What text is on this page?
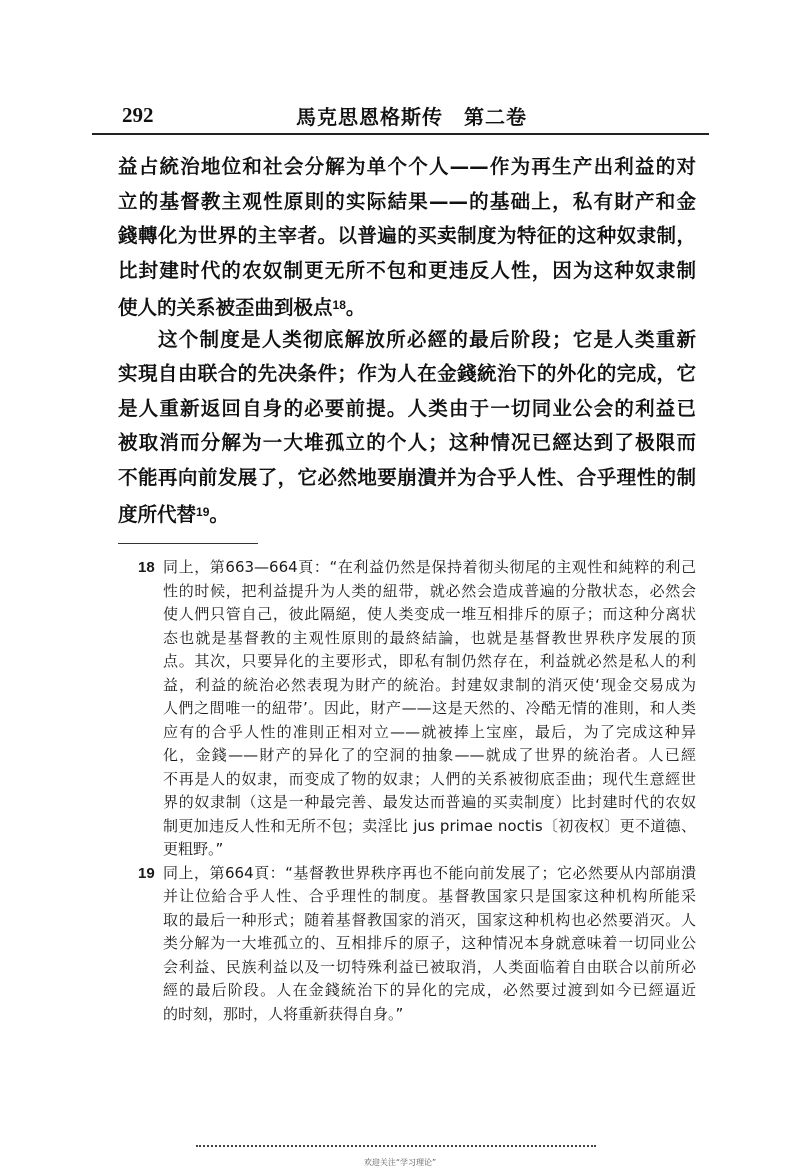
292	馬克思恩格斯传　第二卷
益占統治地位和社会分解为单个个人——作为再生产出利益的对
立的基督教主观性原則的实际結果——的基础上，私有財产和金
錢轉化为世界的主宰者。以普遍的买卖制度为特征的这种奴隶制，
比封建时代的农奴制更无所不包和更违反人性，因为这种奴隶制
使人的关系被歪曲到极点$^{18}$。
这个制度是人类彻底解放所必經的最后阶段；它是人类重新
实現自由联合的先决条件；作为人在金錢統治下的外化的完成，它
是人重新返回自身的必要前提。人类由于一切同业公会的利益已
被取消而分解为一大堆孤立的个人；这种情况已經达到了极限而
不能再向前发展了，它必然地要崩潰并为合乎人性、合乎理性的制
度所代替$^{19}$。
18 同上，第663—664頁：“在利益仍然是保持着彻头彻尾的主观性和純粹的利己
性的时候，把利益提升为人类的紐带，就必然会造成普遍的分散状态，必然会
使人們只管自己，彼此隔絕，使人类变成一堆互相排斥的原子；而这种分离状
态也就是基督教的主观性原則的最終結論，也就是基督教世界秩序发展的顶
点。其次，只要异化的主要形式，即私有制仍然存在，利益就必然是私人的利
益，利益的統治必然表現为財产的統治。封建奴隶制的消灭使‘现金交易成为
人們之間唯一的紐带’。因此，財产——这是天然的、冷酷无情的准則，和人类
应有的合乎人性的准則正相对立——就被捧上宝座，最后，为了完成这种异
化，金錢——財产的异化了的空洞的抽象——就成了世界的統治者。人已經
不再是人的奴隶，而变成了物的奴隶；人們的关系被彻底歪曲；现代生意經世
界的奴隶制（这是一种最完善、最发达而普遍的买卖制度）比封建时代的农奴
制更加违反人性和无所不包；卖淫比 jus primae noctis〔初夜权〕更不道德、
更粗野。”
19 同上，第664頁：“基督教世界秩序再也不能向前发展了；它必然要从内部崩潰
并让位給合乎人性、合乎理性的制度。基督教国家只是国家这种机构所能采
取的最后一种形式；随着基督教国家的消灭，国家这种机构也必然要消灭。人
类分解为一大堆孤立的、互相排斥的原子，这种情况本身就意味着一切同业公
会利益、民族利益以及一切特殊利益已被取消，人类面临着自由联合以前所必
經的最后阶段。人在金錢統治下的异化的完成，必然要过渡到如今已經逼近
的时刻，那时，人将重新获得自身。”
欢迎关注“学习理论”
